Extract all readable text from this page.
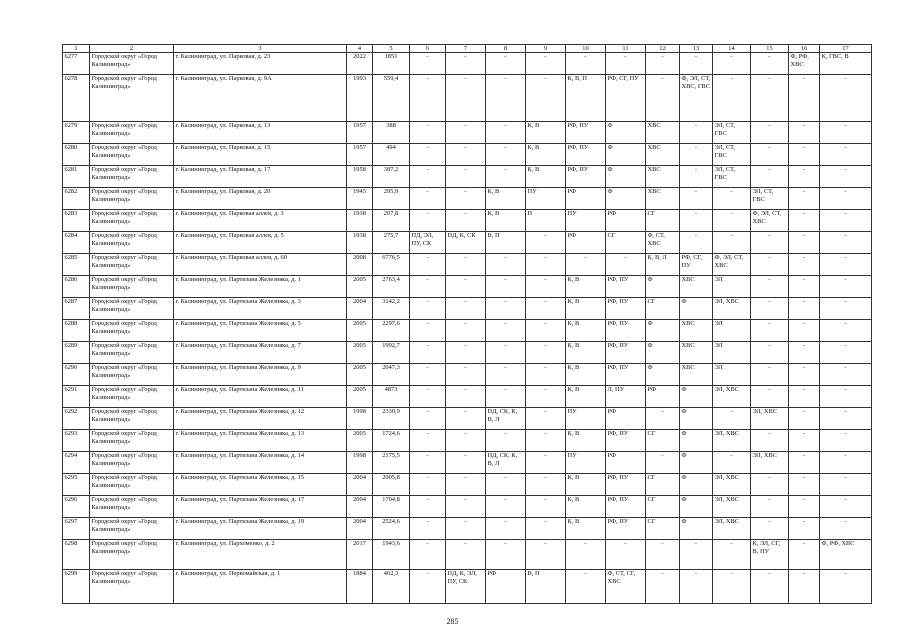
1	2	3	4	5	6	7	8	9	10	11	12	13	14	15	16	17
6277	Городской округ «Город Калининград»	г. Калининград, ул. Парковая, д. 23	2022	1851	-	-	-	-	-	-	-	-	-	-	Ф, РФ, ХВС	К, ГВС, В
6278	Городской округ «Город Калининград»	г. Калининград, ул. Парковая, д. 9А	1993	559,4	-	-	-	-	К, В, П	РФ, СГ, ПУ	-	Ф, ЭЛ, СТ, ХВС, ГВС	-	-	-	-
6279	Городской округ «Город Калининград»	г. Калининград, ул. Парковая, д. 13	1957	388	-	-	-	К, В	РФ, ПУ	Ф	ХВС	-	ЭЛ, СТ, ГВС	-	-	-
6280	Городской округ «Город Калининград»	г. Калининград, ул. Парковая, д. 15	1957	494	-	-	-	К, В	РФ, ПУ	Ф	ХВС	-	ЭЛ, СТ, ГВС	-	-	-
6281	Городской округ «Город Калининград»	г. Калининград, ул. Парковая, д. 17	1958	387,2	-	-	-	К, В	РФ, ПУ	Ф	ХВС	-	ЭЛ, СТ, ГВС	-	-	-
6282	Городской округ «Город Калининград»	г. Калининград, ул. Парковая, д. 20	1945	295,9	-	-	К, В	ПУ	РФ	Ф	ХВС	-	-	ЭЛ, СТ, ГВС	-	-
6283	Городской округ «Город Калининград»	г. Калининград, ул. Парковая аллея, д. 3	1938	207,8	-	-	К, В	П	ПУ	РФ	СГ	-	-	Ф, ЭЛ, СТ, ХВС	-	-
6284	Городской округ «Город Калининград»	г. Калининград, ул. Парковая аллея, д. 5	1938	275,7	ПД, ЭЛ, ПУ, СК	ПД, К, СК	В, П	-	РФ	СГ	Ф, СТ, ХВС	-	-	-	-	-
6285	Городской округ «Город Калининград»	г. Калининград, ул. Парковая аллея, д. 60	2008	6776,5	-	-	-	-	-	-	К, В, Л	РФ, СГ, ПУ	Ф, ЭЛ, СТ, ХВС	-	-	-
6286	Городской округ «Город Калининград»	г. Калининград, ул. Партизана Железняка, д. 1	2005	2763,4	-	-	-	-	К, В	РФ, ПУ	Ф	ХВС	ЭЛ	-	-	-
6287	Городской округ «Город Калининград»	г. Калининград, ул. Партизана Железняка, д. 3	2004	3142,2	-	-	-	-	К, В	РФ, ПУ	СГ	Ф	ЭЛ, ХВС	-	-	-
6288	Городской округ «Город Калининград»	г. Калининград, ул. Партизана Железняка, д. 5	2005	2297,6	-	-	-	-	К, В	РФ, ПУ	Ф	ХВС	ЭЛ	-	-	-
6289	Городской округ «Город Калининград»	г. Калининград, ул. Партизана Железняка, д. 7	2005	1992,7	-	-	-	-	К, В	РФ, ПУ	Ф	ХВС	ЭЛ	-	-	-
6290	Городской округ «Город Калининград»	г. Калининград, ул. Партизана Железняка, д. 9	2005	2047,3	-	-	-	-	К, В	РФ, ПУ	Ф	ХВС	ЭЛ	-	-	-
6291	Городской округ «Город Калининград»	г. Калининград, ул. Партизана Железняка, д. 11	2005	4873	-	-	-	-	К, В	Л, ПУ	РФ	Ф	ЭЛ, ХВС	-	-	-
6292	Городской округ «Город Калининград»	г. Калининград, ул. Партизана Железняка, д. 12	1998	2330,9	-	-	ПД, СК, К, В, Л	-	ПУ	РФ	-	Ф	-	ЭЛ, ХВС	-	-
6293	Городской округ «Город Калининград»	г. Калининград, ул. Партизана Железняка, д. 13	2005	1724,6	-	-	-	-	К, В	РФ, ПУ	СГ	Ф	ЭЛ, ХВС	-	-	-
6294	Городской округ «Город Калининград»	г. Калининград, ул. Партизана Железняка, д. 14	1998	2175,5	-	-	ПД, СК, К, В, Л	-	ПУ	РФ	-	Ф	-	ЭЛ, ХВС	-	-
6295	Городской округ «Город Калининград»	г. Калининград, ул. Партизана Железняка, д. 15	2004	2005,8	-	-	-	-	К, В	РФ, ПУ	СГ	Ф	ЭЛ, ХВС	-	-	-
6296	Городской округ «Город Калининград»	г. Калининград, ул. Партизана Железняка, д. 17	2004	1704,8	-	-	-	-	К, В	РФ, ПУ	СГ	Ф	ЭЛ, ХВС	-	-	-
6297	Городской округ «Город Калининград»	г. Калининград, ул. Партизана Железняка, д. 19	2004	2524,6	-	-	-	-	К, В	РФ, ПУ	СГ	Ф	ЭЛ, ХВС	-	-	-
6298	Городской округ «Город Калининград»	г. Калининград, ул. Пархоменко, д. 2	2017	1943,6	-	-	-	-	-	-	-	-	-	К, ЭЛ, СГ, В, ПУ	-	Ф, РФ, ХВС
6299	Городской округ «Город Калининград»	г. Калининград, ул. Первомайская, д. 1	1884	402,3	-	ПД, К, ЭЛ, ПУ, СК	РФ	В, П	-	Ф, СТ, СГ, ХВС	-	-	-	-	-	-
285
